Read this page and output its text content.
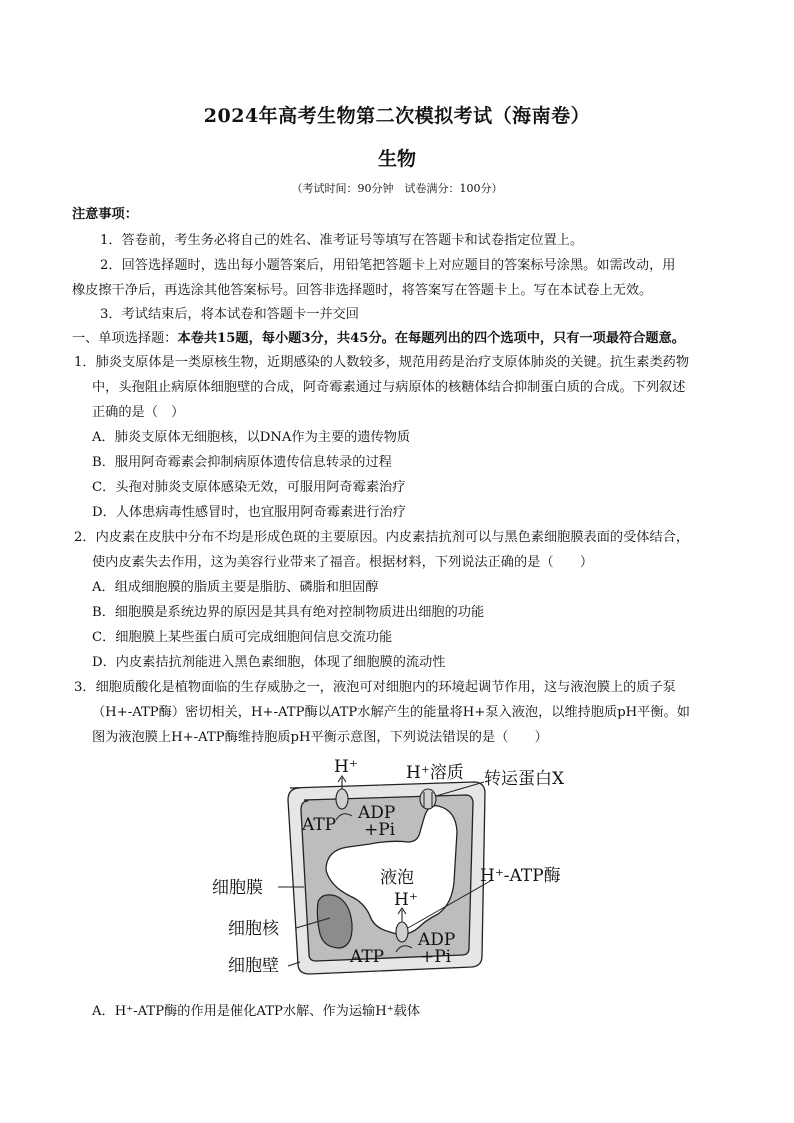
2024年高考生物第二次模拟考试（海南卷）
生物
（考试时间：90分钟　试卷满分：100分）
注意事项：
1．答卷前，考生务必将自己的姓名、准考证号等填写在答题卡和试卷指定位置上。
2．回答选择题时，选出每小题答案后，用铅笔把答题卡上对应题目的答案标号涂黑。如需改动，用
橡皮擦干净后，再选涂其他答案标号。回答非选择题时，将答案写在答题卡上。写在本试卷上无效。
3．考试结束后，将本试卷和答题卡一并交回
一、单项选择题：本卷共15题，每小题3分，共45分。在每题列出的四个选项中，只有一项最符合题意。
1．肺炎支原体是一类原核生物，近期感染的人数较多，规范用药是治疗支原体肺炎的关键。抗生素类药物
中，头孢阻止病原体细胞壁的合成，阿奇霉素通过与病原体的核糖体结合抑制蛋白质的合成。下列叙述
正确的是（　）
A．肺炎支原体无细胞核，以DNA作为主要的遗传物质
B．服用阿奇霉素会抑制病原体遗传信息转录的过程
C．头孢对肺炎支原体感染无效，可服用阿奇霉素治疗
D．人体患病毒性感冒时，也宜服用阿奇霉素进行治疗
2．内皮素在皮肤中分布不均是形成色斑的主要原因。内皮素拮抗剂可以与黑色素细胞膜表面的受体结合，
使内皮素失去作用，这为美容行业带来了福音。根据材料，下列说法正确的是（　　）
A．组成细胞膜的脂质主要是脂肪、磷脂和胆固醇
B．细胞膜是系统边界的原因是其具有绝对控制物质进出细胞的功能
C．细胞膜上某些蛋白质可完成细胞间信息交流功能
D．内皮素拮抗剂能进入黑色素细胞，体现了细胞膜的流动性
3．细胞质酸化是植物面临的生存威胁之一，液泡可对细胞内的环境起调节作用，这与液泡膜上的质子泵
（H+-ATP酶）密切相关，H+-ATP酶以ATP水解产生的能量将H+泵入液泡，以维持胞质pH平衡。如
图为液泡膜上H+-ATP酶维持胞质pH平衡示意图，下列说法错误的是（　　）
H⁺	H⁺溶质 转运蛋白X
ATP
ADP
+Pi
液泡	H⁺-ATP酶
H⁺
细胞膜
细胞核
细胞壁	ATP
ADP
+Pi
A．H⁺-ATP酶的作用是催化ATP水解、作为运输H⁺载体
